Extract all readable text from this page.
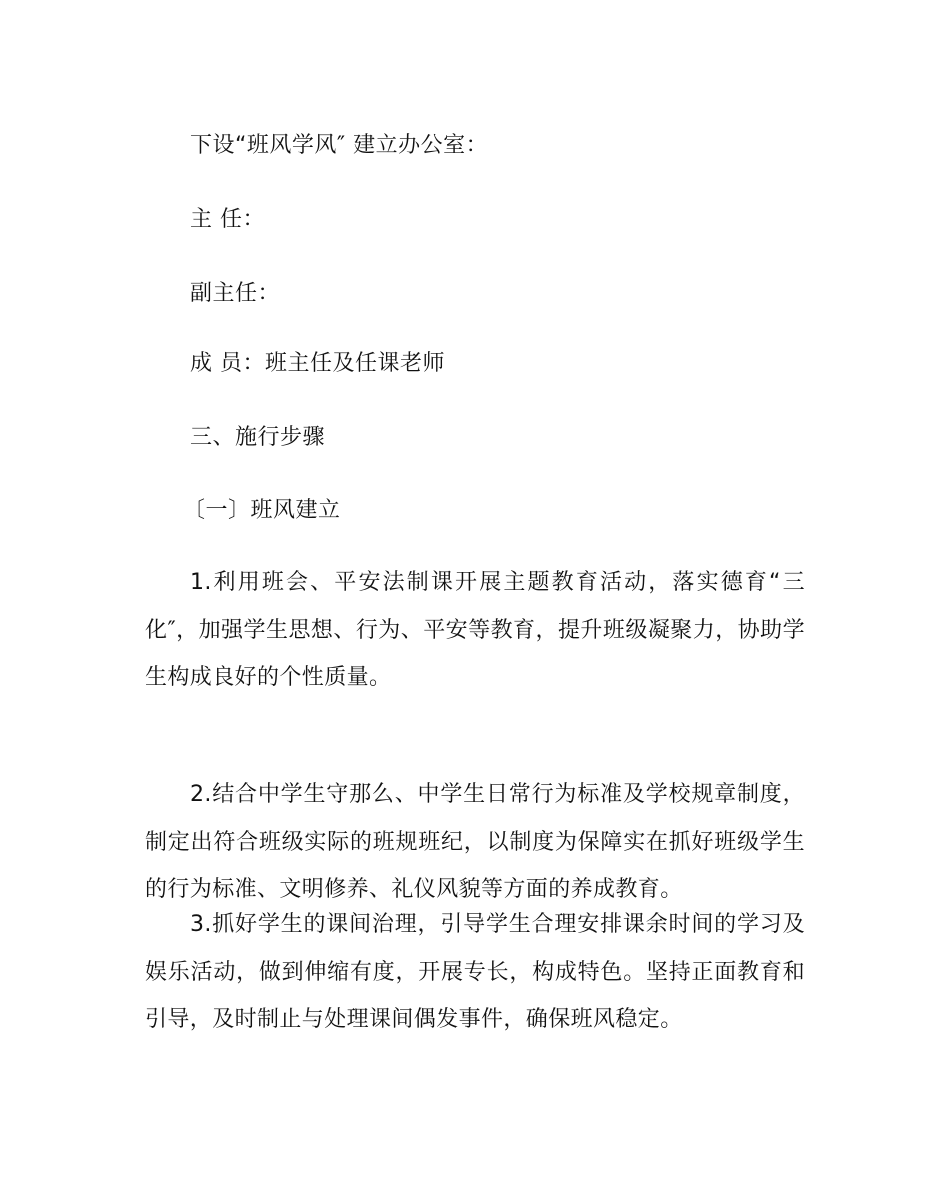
下设“班风学风″ 建立办公室：
主 任：
副主任：
成 员：班主任及任课老师
三、施行步骤
〔一〕班风建立

1.利用班会、平安法制课开展主题教育活动，落实德育“三化″，加强学生思想、行为、平安等教育，提升班级凝聚力，协助学生构成良好的个性质量。

2.结合中学生守那么、中学生日常行为标准及学校规章制度，制定出符合班级实际的班规班纪，以制度为保障实在抓好班级学生的行为标准、文明修养、礼仪风貌等方面的养成教育。

3.抓好学生的课间治理，引导学生合理安排课余时间的学习及娱乐活动，做到伸缩有度，开展专长，构成特色。坚持正面教育和引导，及时制止与处理课间偶发事件，确保班风稳定。
